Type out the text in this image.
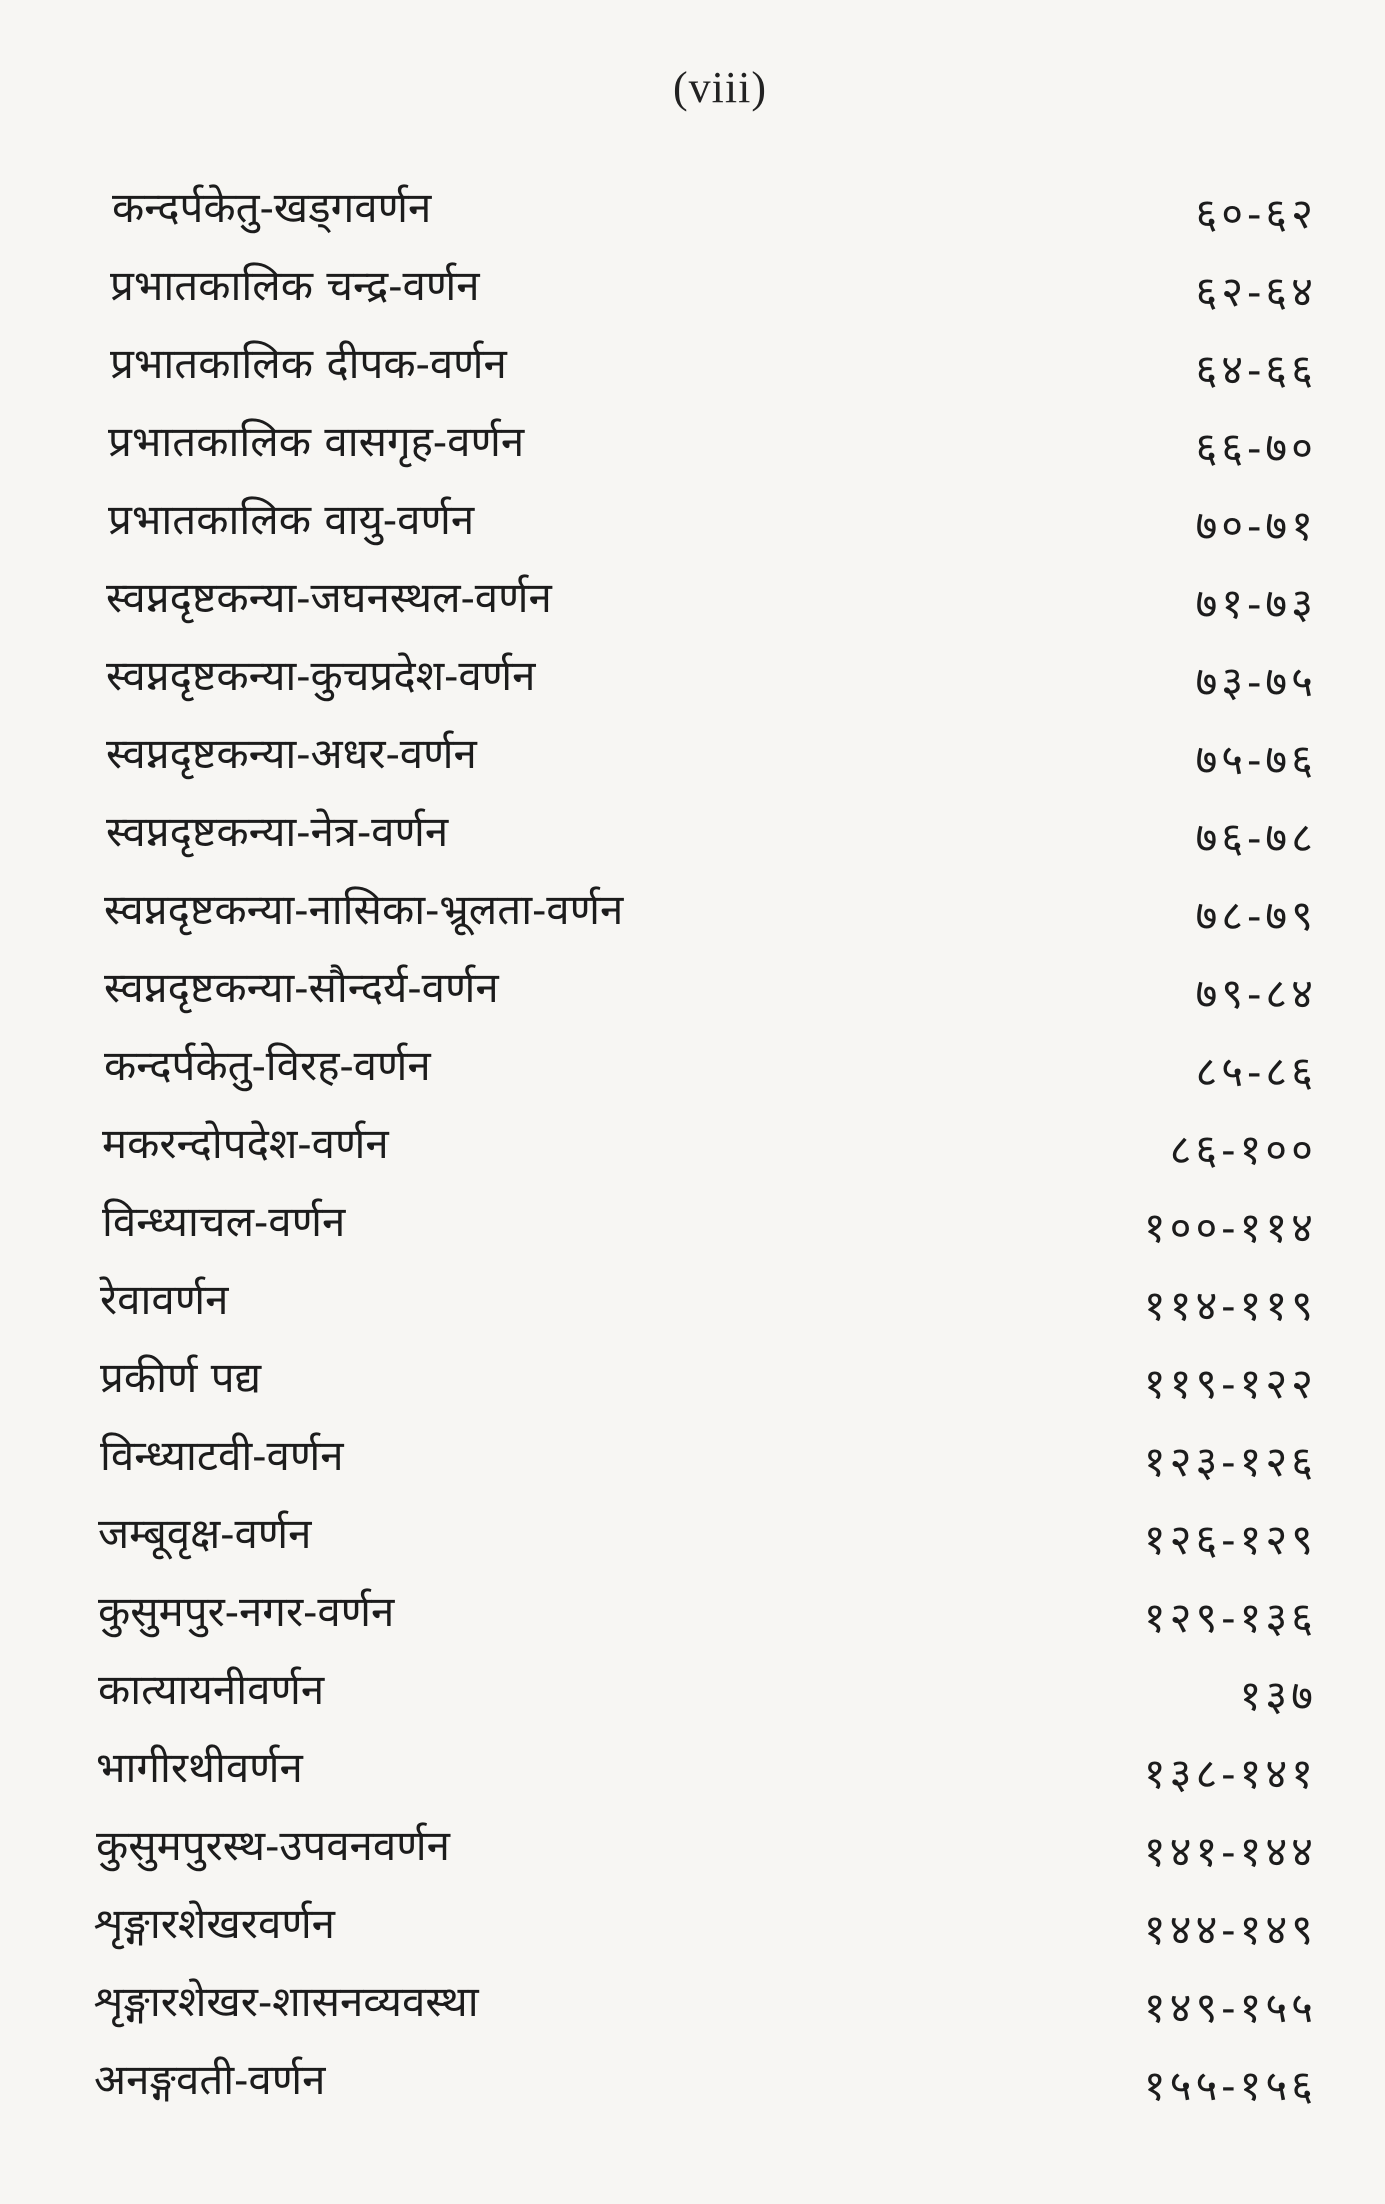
(viii)
कन्दर्पकेतु-खड्गवर्णन	६०-६२
प्रभातकालिक चन्द्र-वर्णन	६२-६४
प्रभातकालिक दीपक-वर्णन	६४-६६
प्रभातकालिक वासगृह-वर्णन	६६-७०
प्रभातकालिक वायु-वर्णन	७०-७१
स्वप्नदृष्टकन्या-जघनस्थल-वर्णन	७१-७३
स्वप्नदृष्टकन्या-कुचप्रदेश-वर्णन	७३-७५
स्वप्नदृष्टकन्या-अधर-वर्णन	७५-७६
स्वप्नदृष्टकन्या-नेत्र-वर्णन	७६-७८
स्वप्नदृष्टकन्या-नासिका-भ्रूलता-वर्णन	७८-७९
स्वप्नदृष्टकन्या-सौन्दर्य-वर्णन	७९-८४
कन्दर्पकेतु-विरह-वर्णन	८५-८६
मकरन्दोपदेश-वर्णन	८६-१००
विन्ध्याचल-वर्णन	१००-११४
रेवावर्णन	११४-११९
प्रकीर्ण पद्य	११९-१२२
विन्ध्याटवी-वर्णन	१२३-१२६
जम्बूवृक्ष-वर्णन	१२६-१२९
कुसुमपुर-नगर-वर्णन	१२९-१३६
कात्यायनीवर्णन	१३७
भागीरथीवर्णन	१३८-१४१
कुसुमपुरस्थ-उपवनवर्णन	१४१-१४४
शृङ्गारशेखरवर्णन	१४४-१४९
शृङ्गारशेखर-शासनव्यवस्था	१४९-१५५
अनङ्गवती-वर्णन	१५५-१५६
